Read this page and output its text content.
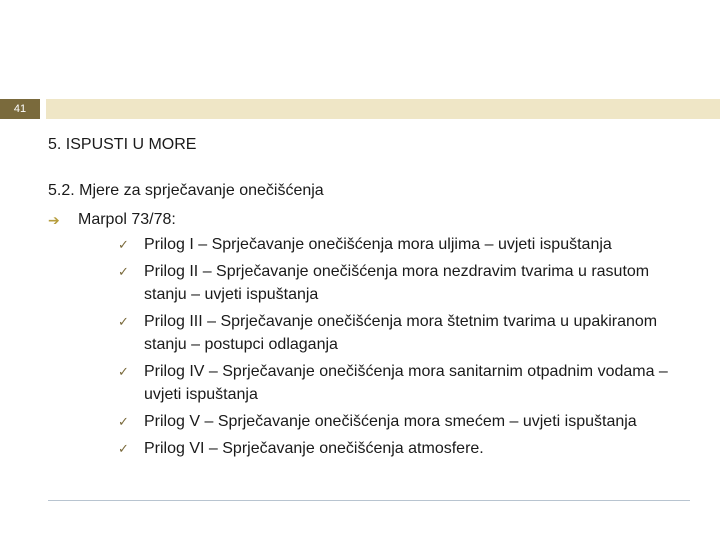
41

5. ISPUSTI U MORE

5.2. Mjere za sprječavanje onečišćenja

➔	Marpol 73/78:
✓ Prilog I – Sprječavanje onečišćenja mora uljima – uvjeti ispuštanja
✓ Prilog II – Sprječavanje onečišćenja mora nezdravim tvarima u rasutom stanju – uvjeti ispuštanja
✓ Prilog III – Sprječavanje onečišćenja mora štetnim tvarima u upakiranom stanju – postupci odlaganja
✓ Prilog IV – Sprječavanje onečišćenja mora sanitarnim otpadnim vodama – uvjeti ispuštanja
✓ Prilog V – Sprječavanje onečišćenja mora smećem – uvjeti ispuštanja
✓ Prilog VI – Sprječavanje onečišćenja atmosfere.
